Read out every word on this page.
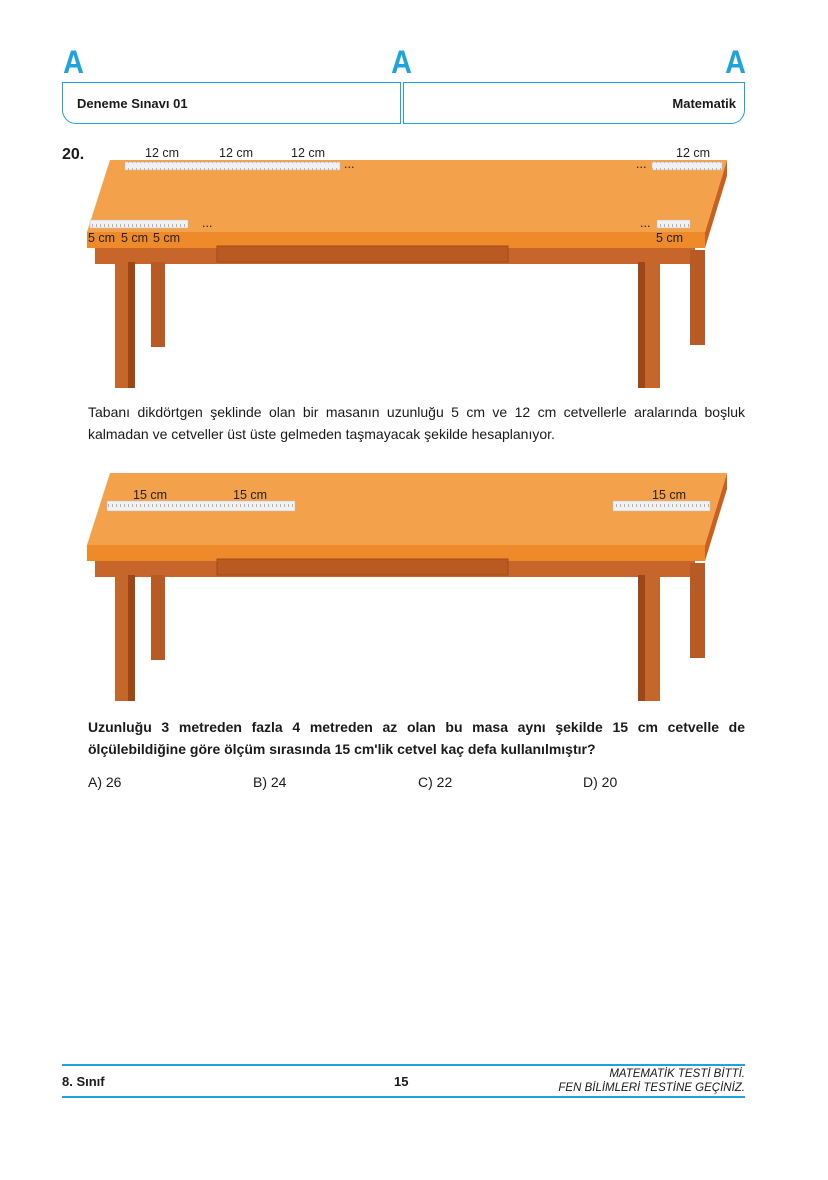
A	A	A
Deneme Sınavı 01	Matematik
20.	12 cm	12 cm	12 cm	12 cm
...	...
...	...
5 cm 5 cm 5 cm	5 cm
15 cm	15 cm	15 cm
Tabanı dikdörtgen şeklinde olan bir masanın uzunluğu 5 cm ve 12 cm cetvellerle aralarında boşluk kalmadan ve cetveller üst üste gelmeden taşmayacak şekilde hesaplanıyor.
Uzunluğu 3 metreden fazla 4 metreden az olan bu masa aynı şekilde 15 cm cetvelle de ölçülebildiğine göre ölçüm sırasında 15 cm'lik cetvel kaç defa kullanılmıştır?
A) 26	B) 24	C) 22	D) 20
8. Sınıf	15	MATEMATİK TESTİ BİTTİ.
FEN BİLİMLERİ TESTİNE GEÇİNİZ.
